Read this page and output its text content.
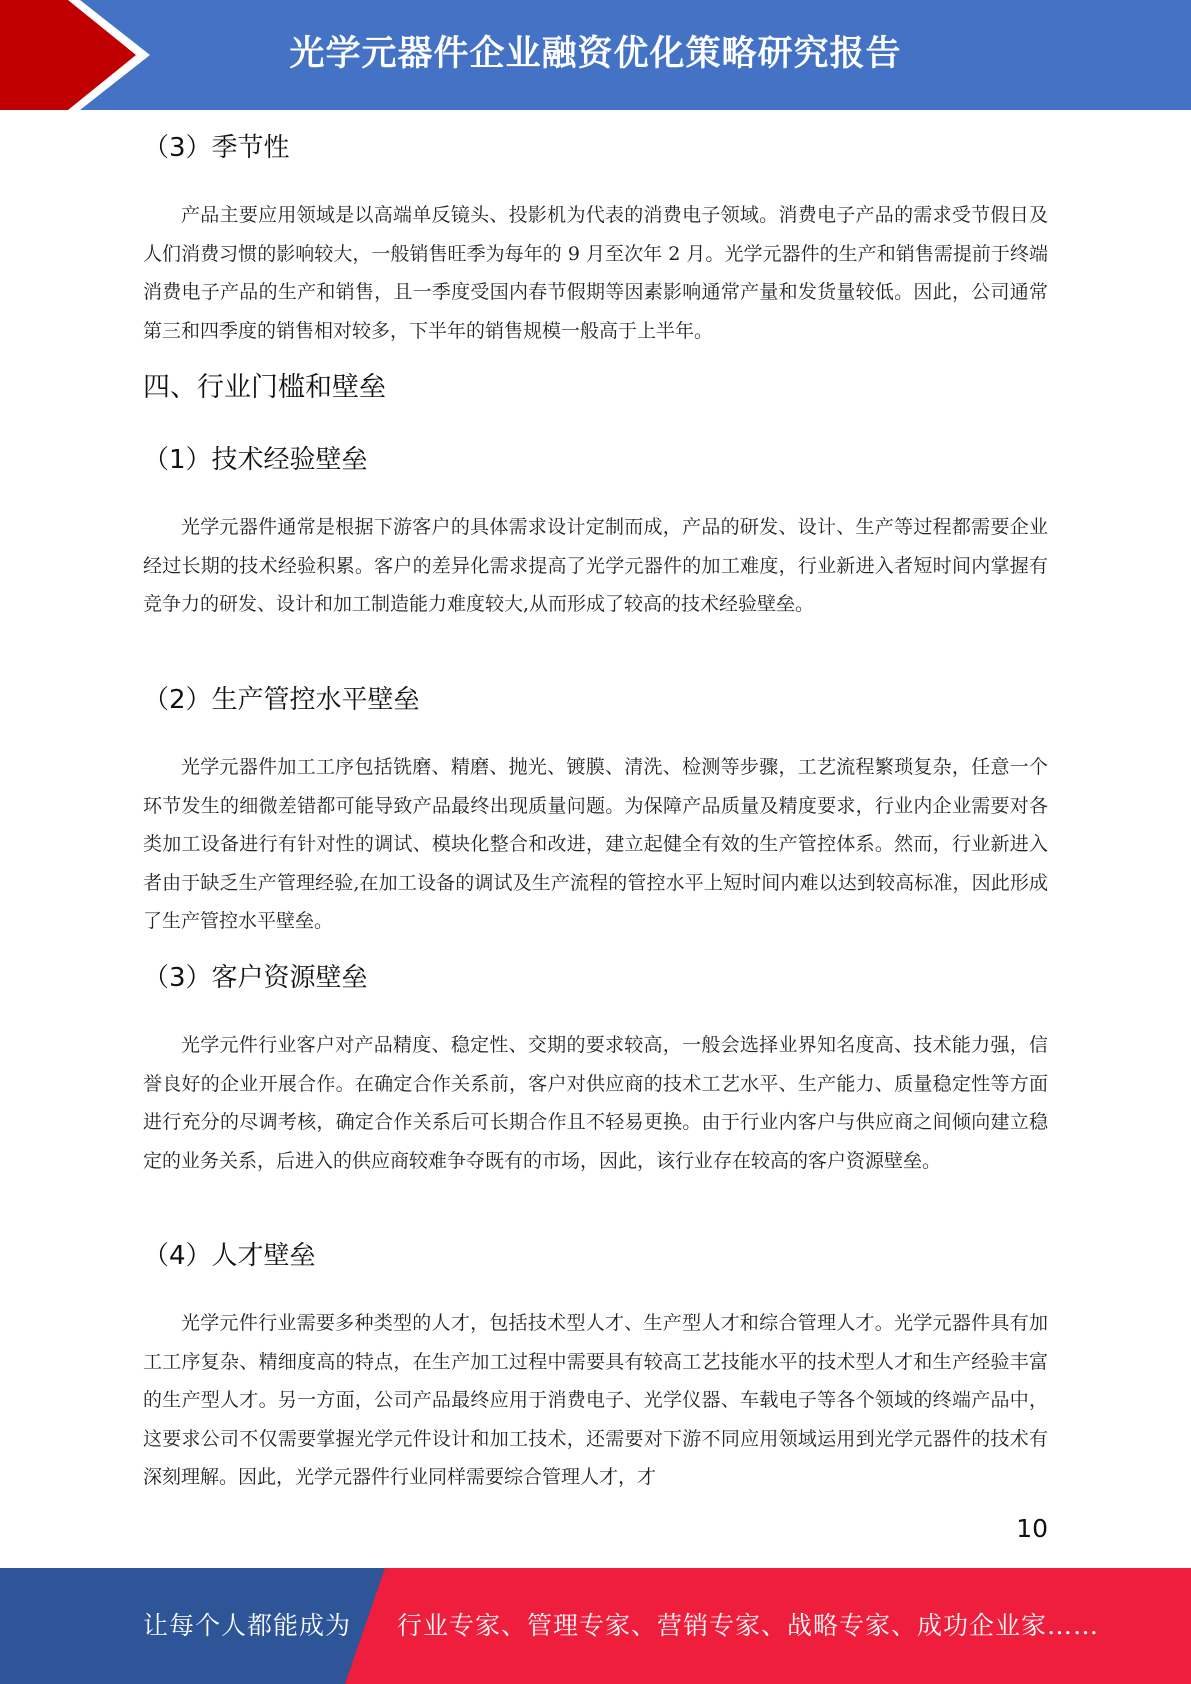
光学元器件企业融资优化策略研究报告
（3）季节性

产品主要应用领域是以高端单反镜头、投影机为代表的消费电子领域。消费电子产品的需求受节假日及人们消费习惯的影响较大，一般销售旺季为每年的 9 月至次年 2 月。光学元器件的生产和销售需提前于终端消费电子产品的生产和销售，且一季度受国内春节假期等因素影响通常产量和发货量较低。因此，公司通常第三和四季度的销售相对较多，下半年的销售规模一般高于上半年。

四、行业门槛和壁垒
（1）技术经验壁垒

光学元器件通常是根据下游客户的具体需求设计定制而成，产品的研发、设计、生产等过程都需要企业经过长期的技术经验积累。客户的差异化需求提高了光学元器件的加工难度，行业新进入者短时间内掌握有竞争力的研发、设计和加工制造能力难度较大,从而形成了较高的技术经验壁垒。

（2）生产管控水平壁垒

光学元器件加工工序包括铣磨、精磨、抛光、镀膜、清洗、检测等步骤，工艺流程繁琐复杂，任意一个环节发生的细微差错都可能导致产品最终出现质量问题。为保障产品质量及精度要求，行业内企业需要对各类加工设备进行有针对性的调试、模块化整合和改进，建立起健全有效的生产管控体系。然而，行业新进入者由于缺乏生产管理经验,在加工设备的调试及生产流程的管控水平上短时间内难以达到较高标准，因此形成了生产管控水平壁垒。

（3）客户资源壁垒

光学元件行业客户对产品精度、稳定性、交期的要求较高，一般会选择业界知名度高、技术能力强，信誉良好的企业开展合作。在确定合作关系前，客户对供应商的技术工艺水平、生产能力、质量稳定性等方面进行充分的尽调考核，确定合作关系后可长期合作且不轻易更换。由于行业内客户与供应商之间倾向建立稳定的业务关系，后进入的供应商较难争夺既有的市场，因此，该行业存在较高的客户资源壁垒。

（4）人才壁垒

光学元件行业需要多种类型的人才，包括技术型人才、生产型人才和综合管理人才。光学元器件具有加工工序复杂、精细度高的特点，在生产加工过程中需要具有较高工艺技能水平的技术型人才和生产经验丰富的生产型人才。另一方面，公司产品最终应用于消费电子、光学仪器、车载电子等各个领域的终端产品中，这要求公司不仅需要掌握光学元件设计和加工技术，还需要对下游不同应用领域运用到光学元器件的技术有深刻理解。因此，光学元器件行业同样需要综合管理人才，才

10
让每个人都能成为 行业专家、管理专家、营销专家、战略专家、成功企业家……
